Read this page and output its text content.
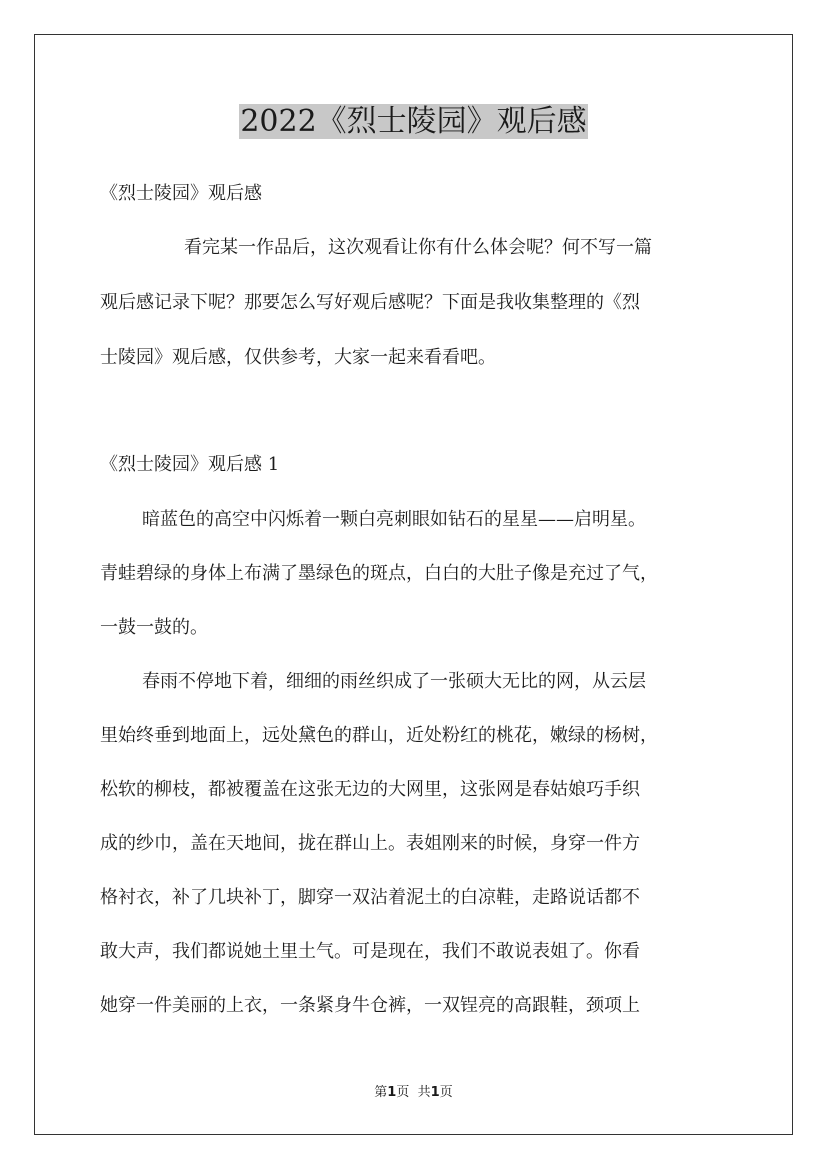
2022《烈士陵园》观后感

《烈士陵园》观后感

看完某一作品后，这次观看让你有什么体会呢？何不写一篇

观后感记录下呢？那要怎么写好观后感呢？下面是我收集整理的《烈

士陵园》观后感，仅供参考，大家一起来看看吧。

《烈士陵园》观后感 1

暗蓝色的高空中闪烁着一颗白亮刺眼如钻石的星星——启明星。

青蛙碧绿的身体上布满了墨绿色的斑点，白白的大肚子像是充过了气，

一鼓一鼓的。

春雨不停地下着，细细的雨丝织成了一张硕大无比的网，从云层

里始终垂到地面上，远处黛色的群山，近处粉红的桃花，嫩绿的杨树，

松软的柳枝，都被覆盖在这张无边的大网里，这张网是春姑娘巧手织

成的纱巾，盖在天地间，拢在群山上。表姐刚来的时候，身穿一件方

格衬衣，补了几块补丁，脚穿一双沾着泥土的白凉鞋，走路说话都不

敢大声，我们都说她土里土气。可是现在，我们不敢说表姐了。你看

她穿一件美丽的上衣，一条紧身牛仓裤，一双锃亮的高跟鞋，颈项上

第1页 共1页
